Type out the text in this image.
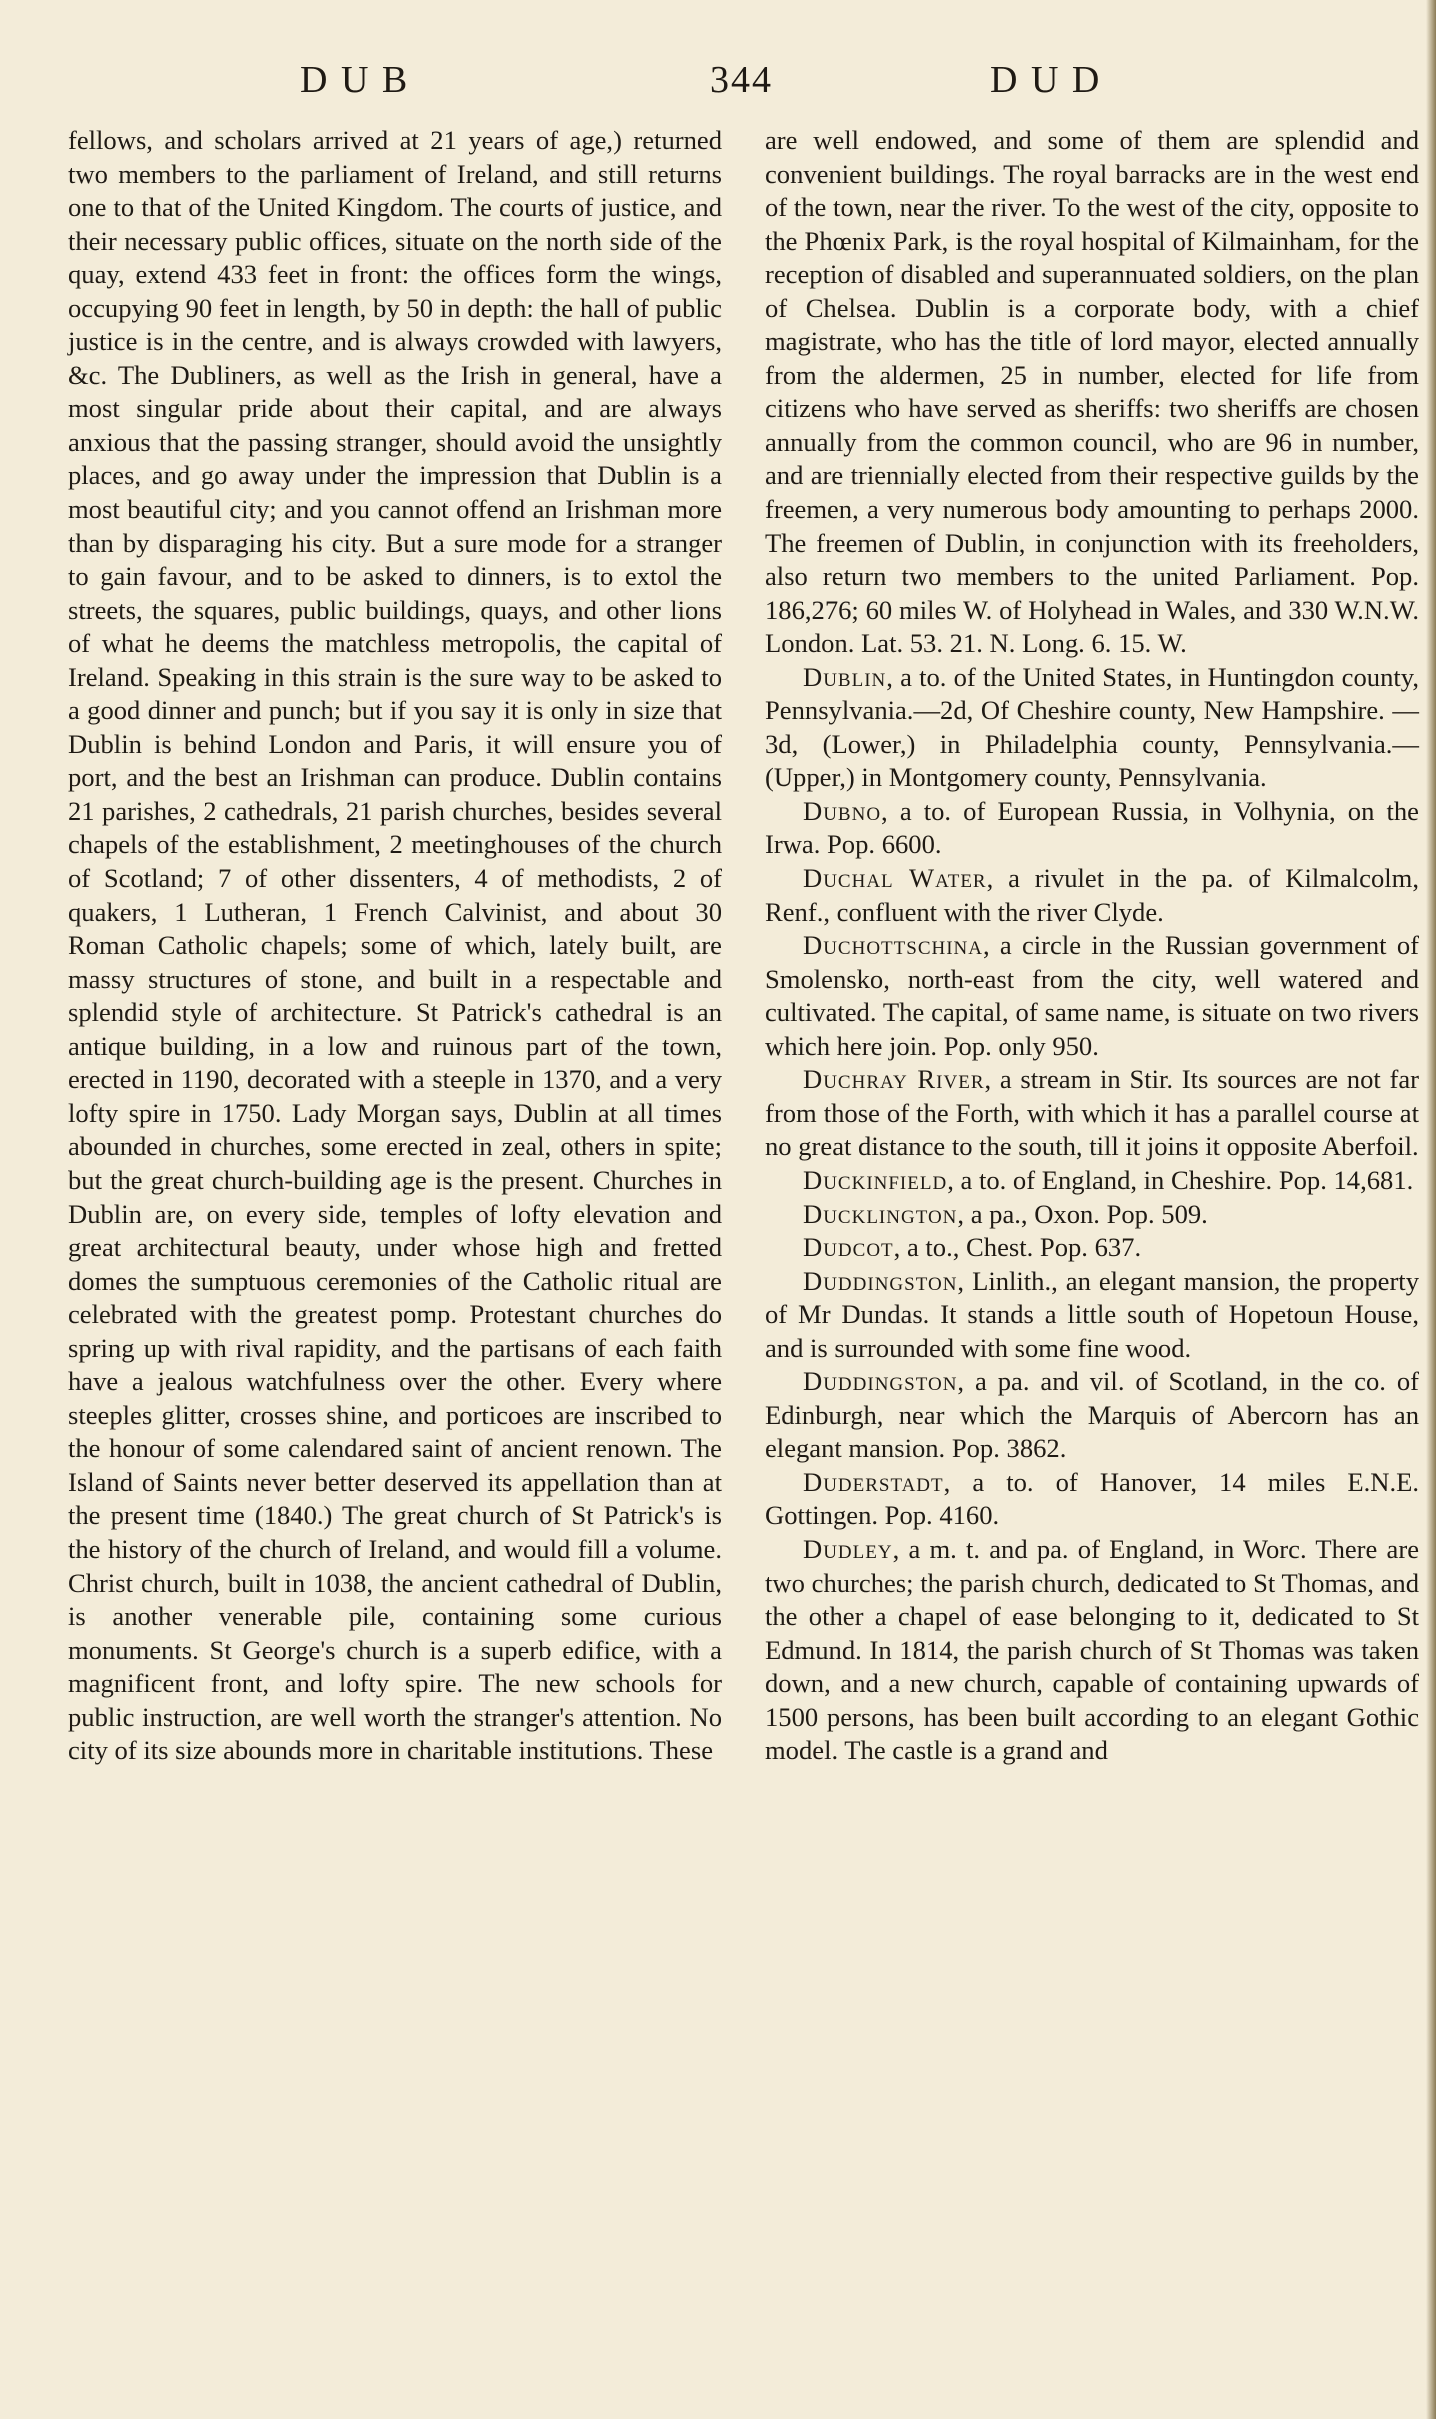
D U B	344	D U D

fellows, and scholars arrived at 21 years of age,) returned two members to the parliament of Ireland, and still returns one to that of the United Kingdom. The courts of justice, and their necessary public offices, situate on the north side of the quay, extend 433 feet in front: the offices form the wings, occupying 90 feet in length, by 50 in depth: the hall of public justice is in the centre, and is always crowded with lawyers, &c. The Dubliners, as well as the Irish in general, have a most singular pride about their capital, and are always anxious that the passing stranger, should avoid the unsightly places, and go away under the impression that Dublin is a most beautiful city; and you cannot offend an Irishman more than by disparaging his city. But a sure mode for a stranger to gain favour, and to be asked to dinners, is to extol the streets, the squares, public buildings, quays, and other lions of what he deems the matchless metropolis, the capital of Ireland. Speaking in this strain is the sure way to be asked to a good dinner and punch; but if you say it is only in size that Dublin is behind London and Paris, it will ensure you of port, and the best an Irishman can produce. Dublin contains 21 parishes, 2 cathedrals, 21 parish churches, besides several chapels of the establishment, 2 meetinghouses of the church of Scotland; 7 of other dissenters, 4 of methodists, 2 of quakers, 1 Lutheran, 1 French Calvinist, and about 30 Roman Catholic chapels; some of which, lately built, are massy structures of stone, and built in a respectable and splendid style of architecture. St Patrick's cathedral is an antique building, in a low and ruinous part of the town, erected in 1190, decorated with a steeple in 1370, and a very lofty spire in 1750. Lady Morgan says, Dublin at all times abounded in churches, some erected in zeal, others in spite; but the great church-building age is the present. Churches in Dublin are, on every side, temples of lofty elevation and great architectural beauty, under whose high and fretted domes the sumptuous ceremonies of the Catholic ritual are celebrated with the greatest pomp. Protestant churches do spring up with rival rapidity, and the partisans of each faith have a jealous watchfulness over the other. Every where steeples glitter, crosses shine, and porticoes are inscribed to the honour of some calendared saint of ancient renown. The Island of Saints never better deserved its appellation than at the present time (1840.) The great church of St Patrick's is the history of the church of Ireland, and would fill a volume. Christ church, built in 1038, the ancient cathedral of Dublin, is another venerable pile, containing some curious monuments. St George's church is a superb edifice, with a magnificent front, and lofty spire. The new schools for public instruction, are well worth the stranger's attention. No city of its size abounds more in charitable institutions. These

are well endowed, and some of them are splendid and convenient buildings. The royal barracks are in the west end of the town, near the river. To the west of the city, opposite to the Phœnix Park, is the royal hospital of Kilmainham, for the reception of disabled and superannuated soldiers, on the plan of Chelsea. Dublin is a corporate body, with a chief magistrate, who has the title of lord mayor, elected annually from the aldermen, 25 in number, elected for life from citizens who have served as sheriffs: two sheriffs are chosen annually from the common council, who are 96 in number, and are triennially elected from their respective guilds by the freemen, a very numerous body amounting to perhaps 2000. The freemen of Dublin, in conjunction with its freeholders, also return two members to the united Parliament. Pop. 186,276; 60 miles W. of Holyhead in Wales, and 330 W.N.W. London. Lat. 53. 21. N. Long. 6. 15. W.

Dublin, a to. of the United States, in Huntingdon county, Pennsylvania.—2d, Of Cheshire county, New Hampshire. — 3d, (Lower,) in Philadelphia county, Pennsylvania.—(Upper,) in Montgomery county, Pennsylvania.

Dubno, a to. of European Russia, in Volhynia, on the Irwa. Pop. 6600.

Duchal Water, a rivulet in the pa. of Kilmalcolm, Renf., confluent with the river Clyde.

Duchottschina, a circle in the Russian government of Smolensko, north-east from the city, well watered and cultivated. The capital, of same name, is situate on two rivers which here join. Pop. only 950.

Duchray River, a stream in Stir. Its sources are not far from those of the Forth, with which it has a parallel course at no great distance to the south, till it joins it opposite Aberfoil.

Duckinfield, a to. of England, in Cheshire. Pop. 14,681.

Ducklington, a pa., Oxon. Pop. 509.

Dudcot, a to., Chest. Pop. 637.

Duddingston, Linlith., an elegant mansion, the property of Mr Dundas. It stands a little south of Hopetoun House, and is surrounded with some fine wood.

Duddingston, a pa. and vil. of Scotland, in the co. of Edinburgh, near which the Marquis of Abercorn has an elegant mansion. Pop. 3862.

Duderstadt, a to. of Hanover, 14 miles E.N.E. Gottingen. Pop. 4160.

Dudley, a m. t. and pa. of England, in Worc. There are two churches; the parish church, dedicated to St Thomas, and the other a chapel of ease belonging to it, dedicated to St Edmund. In 1814, the parish church of St Thomas was taken down, and a new church, capable of containing upwards of 1500 persons, has been built according to an elegant Gothic model. The castle is a grand and
